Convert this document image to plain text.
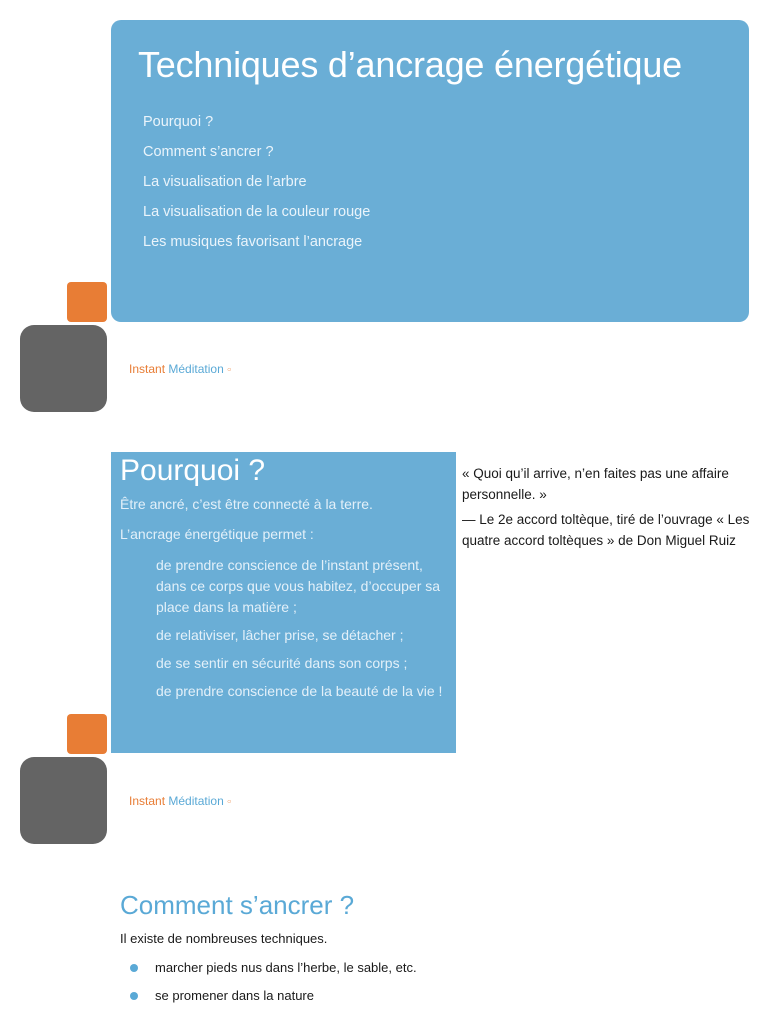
Techniques d’ancrage énergétique
Pourquoi ?
Comment s’ancrer ?
La visualisation de l’arbre
La visualisation de la couleur rouge
Les musiques favorisant l’ancrage
Instant Méditation ○
Pourquoi ?
Être ancré, c’est être connecté à la terre.
L’ancrage énergétique permet :
de prendre conscience de l’instant présent, dans ce corps que vous habitez, d’occuper sa place dans la matière ;
de relativiser, lâcher prise, se détacher ;
de se sentir en sécurité dans son corps ;
de prendre conscience de la beauté de la vie !

« Quoi qu’il arrive, n’en faites pas une affaire personnelle. »

— Le 2e accord toltèque, tiré de l’ouvrage « Les quatre accord toltèques » de Don Miguel Ruiz

Instant Méditation ○
Comment s’ancrer ?
Il existe de nombreuses techniques.
marcher pieds nus dans l’herbe, le sable, etc.
se promener dans la nature
